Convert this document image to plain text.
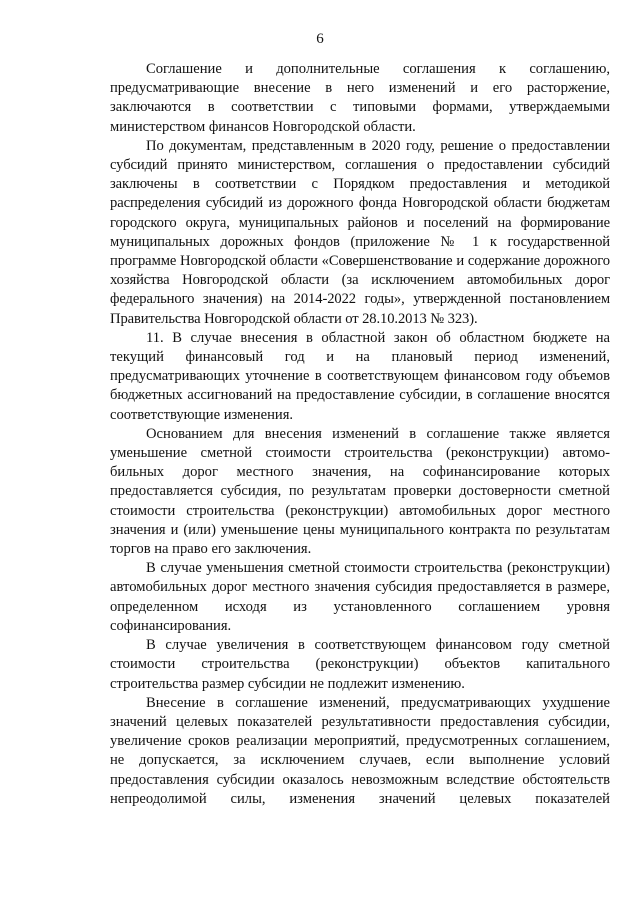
6

Соглашение и дополнительные соглашения к соглашению, предусматривающие внесение в него изменений и его расторжение, заключаются в соответствии с типовыми формами, утверждаемыми министерством финансов Новгородской области.

По документам, представленным в 2020 году, решение о предоставлении субсидий принято министерством, соглашения о предоставлении субсидий заключены в соответствии с Порядком предоставления и методикой распределения субсидий из дорожного фонда Новгородской области бюджетам городского округа, муниципальных районов и поселений на формирование муниципальных дорожных фондов (приложение № 1 к государственной программе Новгородской области «Совершенствование и содержание дорожного хозяйства Новгородской области (за исключением автомобильных дорог федерального значения) на 2014-2022 годы», утвержденной постановлением Правительства Новгородской области от 28.10.2013 № 323).

11. В случае внесения в областной закон об областном бюджете на текущий финансовый год и на плановый период изменений, предусматривающих уточнение в соответствующем финансовом году объемов бюджетных ассигнований на предоставление субсидии, в соглашение вносятся соответствующие изменения.

Основанием для внесения изменений в соглашение также является уменьшение сметной стоимости строительства (реконструкции) автомобильных дорог местного значения, на софинансирование которых предоставляется субсидия, по результатам проверки достоверности сметной стоимости строительства (реконструкции) автомобильных дорог местного значения и (или) уменьшение цены муниципального контракта по результатам торгов на право его заключения.

В случае уменьшения сметной стоимости строительства (реконструкции) автомобильных дорог местного значения субсидия предоставляется в размере, определенном исходя из установленного соглашением уровня софинансирования.

В случае увеличения в соответствующем финансовом году сметной стоимости строительства (реконструкции) объектов капитального строительства размер субсидии не подлежит изменению.

Внесение в соглашение изменений, предусматривающих ухудшение значений целевых показателей результативности предоставления субсидии, увеличение сроков реализации мероприятий, предусмотренных соглашением, не допускается, за исключением случаев, если выполнение условий предоставления субсидии оказалось невозможным вследствие обстоятельств непреодолимой силы, изменения значений целевых показателей
